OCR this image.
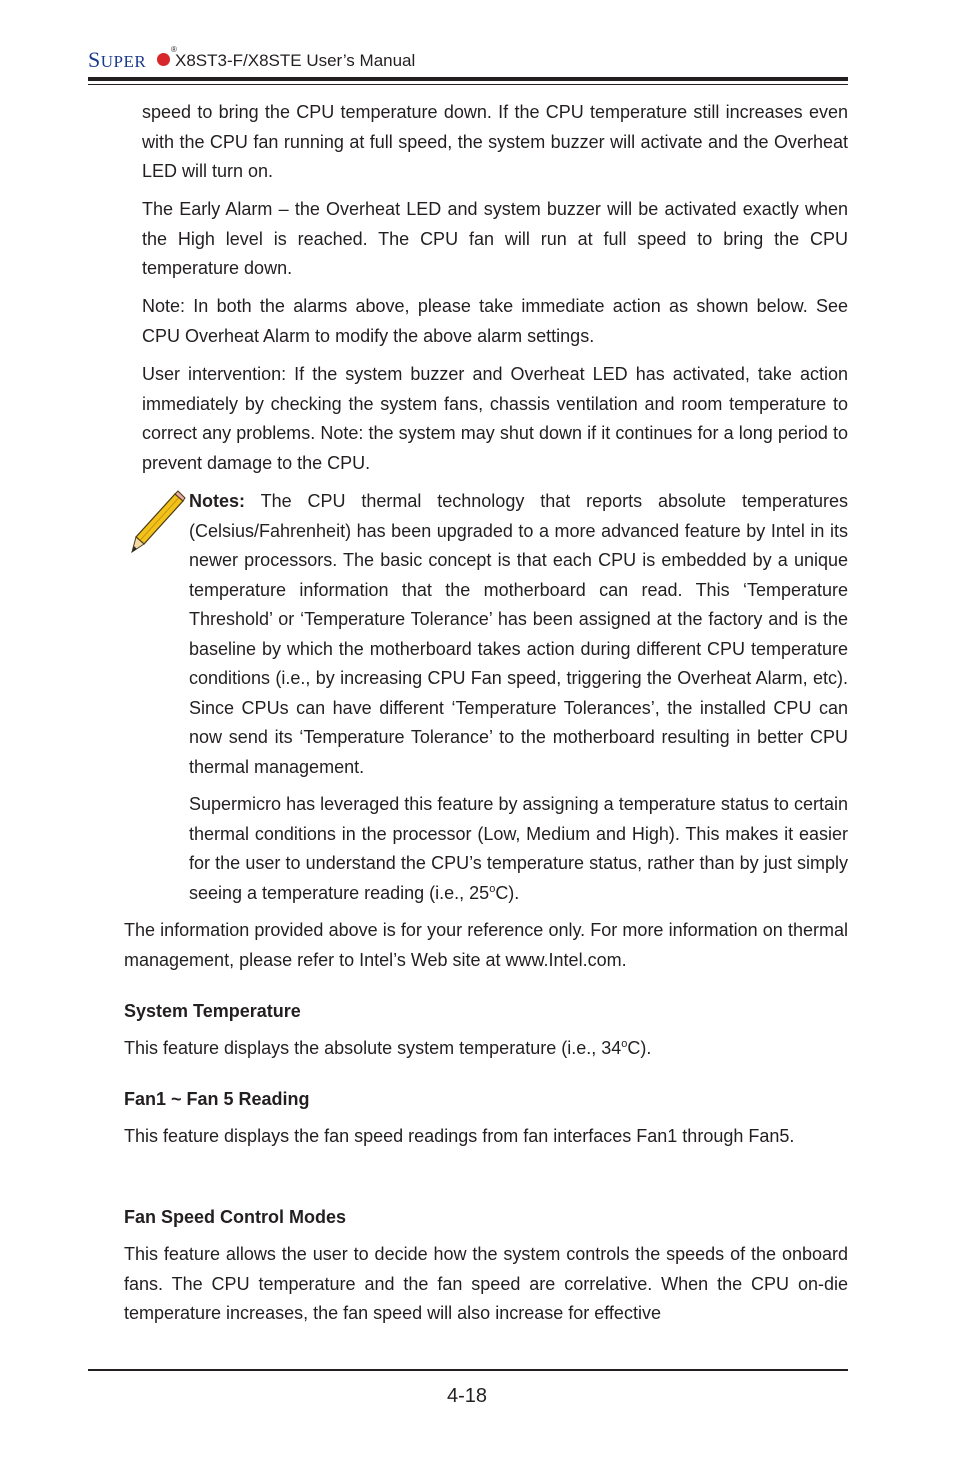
SUPER
®
X8ST3-F/X8STE User’s Manual

speed to bring the CPU temperature down. If the CPU temperature still increases even with the CPU fan running at full speed, the system buzzer will activate and the Overheat LED will turn on.

The Early Alarm – the Overheat LED and system buzzer will be activated exactly when the High level is reached. The CPU fan will run at full speed to bring the CPU temperature down.

Note: In both the alarms above, please take immediate action as shown below. See CPU Overheat Alarm to modify the above alarm settings.

User intervention: If the system buzzer and Overheat LED has activated, take action immediately by checking the system fans, chassis ventilation and room temperature to correct any problems. Note: the system may shut down if it continues for a long period to prevent damage to the CPU.

Notes: The CPU thermal technology that reports absolute temperatures (Celsius/Fahrenheit) has been upgraded to a more advanced feature by Intel in its newer processors. The basic concept is that each CPU is embedded by a unique temperature information that the motherboard can read. This ‘Temperature Threshold’ or ‘Temperature Tolerance’ has been assigned at the factory and is the baseline by which the motherboard takes action during different CPU temperature conditions (i.e., by increasing CPU Fan speed, triggering the Overheat Alarm, etc). Since CPUs can have different ‘Temperature Tolerances’, the installed CPU can now send its ‘Temperature Tolerance’ to the motherboard resulting in better CPU thermal management.

Supermicro has leveraged this feature by assigning a temperature status to certain thermal conditions in the processor (Low, Medium and High). This makes it easier for the user to understand the CPU’s temperature status, rather than by just simply seeing a temperature reading (i.e., 25$^o$C).

The information provided above is for your reference only. For more information on thermal management, please refer to Intel’s Web site at www.Intel.com.

System Temperature

This feature displays the absolute system temperature (i.e., 34$^o$C).

Fan1 ~ Fan 5 Reading

This feature displays the fan speed readings from fan interfaces Fan1 through Fan5.

Fan Speed Control Modes

This feature allows the user to decide how the system controls the speeds of the onboard fans. The CPU temperature and the fan speed are correlative. When the CPU on-die temperature increases, the fan speed will also increase for effective

4-18
